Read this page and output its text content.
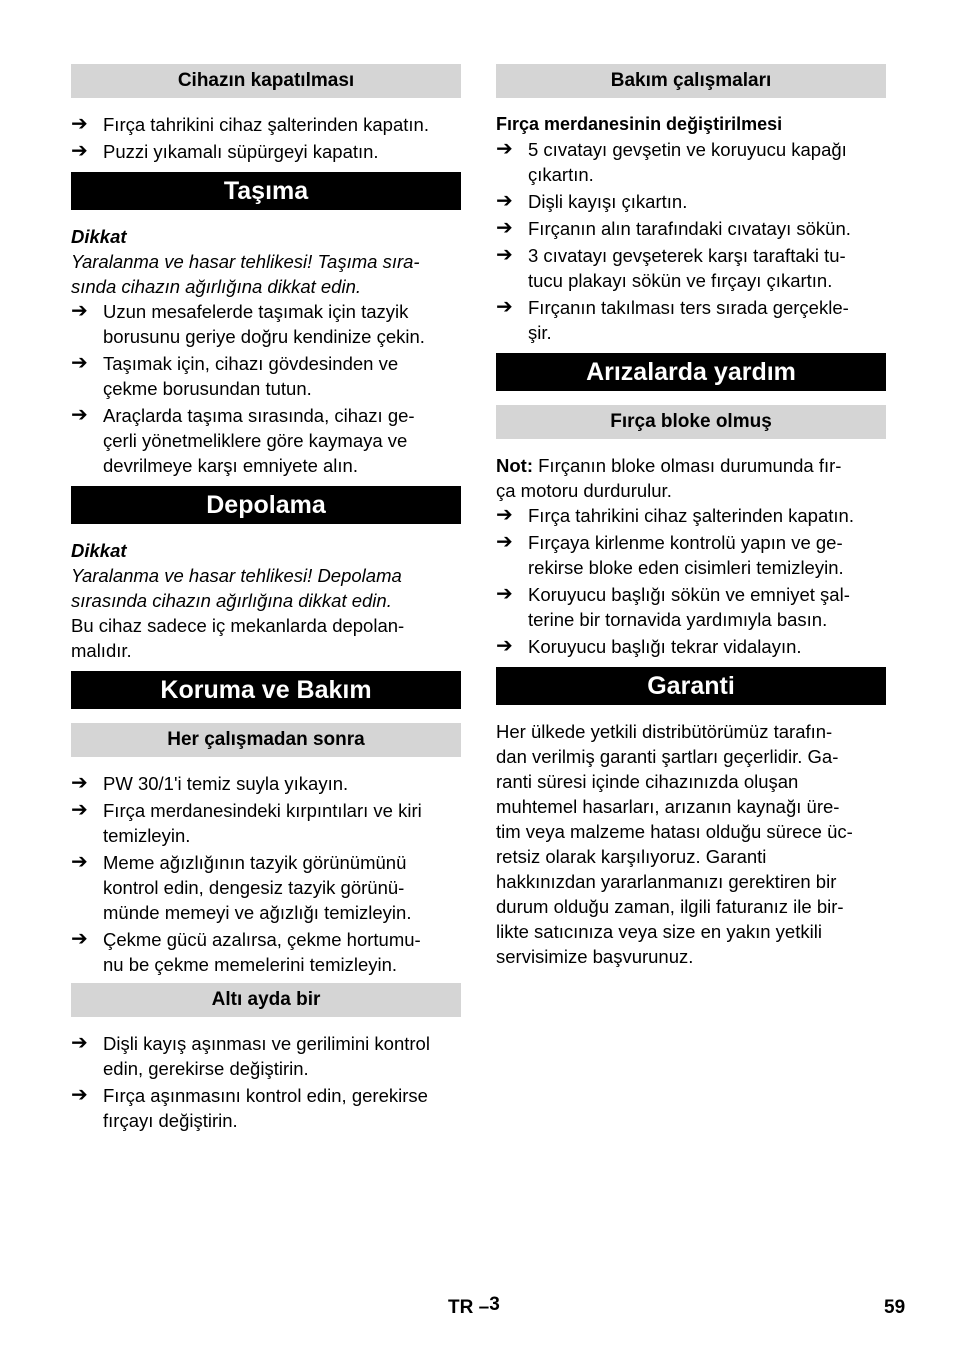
Cihazın kapatılması
➔ Fırça tahrikini cihaz şalterinden kapatın.
➔ Puzzi yıkamalı süpürgeyi kapatın.
Taşıma
Dikkat

Yaralanma ve hasar tehlikesi! Taşıma sıra-
sında cihazın ağırlığına dikkat edin.

➔ Uzun mesafelerde taşımak için tazyik
borusunu geriye doğru kendinize çekin.
➔ Taşımak için, cihazı gövdesinden ve
çekme borusundan tutun.
➔ Araçlarda taşıma sırasında, cihazı ge-
çerli yönetmeliklere göre kaymaya ve
devrilmeye karşı emniyete alın.
Depolama
Dikkat

Yaralanma ve hasar tehlikesi! Depolama
sırasında cihazın ağırlığına dikkat edin.

Bu cihaz sadece iç mekanlarda depolan-
malıdır.

Koruma ve Bakım
Her çalışmadan sonra
➔ PW 30/1'i temiz suyla yıkayın.
➔ Fırça merdanesindeki kırpıntıları ve kiri
temizleyin.
➔ Meme ağızlığının tazyik görünümünü
kontrol edin, dengesiz tazyik görünü-
münde memeyi ve ağızlığı temizleyin.
➔ Çekme gücü azalırsa, çekme hortumu-
nu be çekme memelerini temizleyin.
Altı ayda bir
➔ Dişli kayış aşınması ve gerilimini kontrol
edin, gerekirse değiştirin.
➔ Fırça aşınmasını kontrol edin, gerekirse
fırçayı değiştirin.
Bakım çalışmaları
Fırça merdanesinin değiştirilmesi
➔ 5 cıvatayı gevşetin ve koruyucu kapağı
çıkartın.
➔ Dişli kayışı çıkartın.
➔ Fırçanın alın tarafındaki cıvatayı sökün.
➔ 3 cıvatayı gevşeterek karşı taraftaki tu-
tucu plakayı sökün ve fırçayı çıkartın.
➔ Fırçanın takılması ters sırada gerçekle-
şir.
Arızalarda yardım
Fırça bloke olmuş

Not: Fırçanın bloke olması durumunda fır-
ça motoru durdurulur.

➔ Fırça tahrikini cihaz şalterinden kapatın.
➔ Fırçaya kirlenme kontrolü yapın ve ge-
rekirse bloke eden cisimleri temizleyin.
➔ Koruyucu başlığı sökün ve emniyet şal-
terine bir tornavida yardımıyla basın.
➔ Koruyucu başlığı tekrar vidalayın.
Garanti

Her ülkede yetkili distribütörümüz tarafın-
dan verilmiş garanti şartları geçerlidir. Ga-
ranti süresi içinde cihazınızda oluşan
muhtemel hasarları, arızanın kaynağı üre-
tim veya malzeme hatası olduğu sürece üc-
retsiz olarak karşılıyoruz. Garanti
hakkınızdan yararlanmanızı gerektiren bir
durum olduğu zaman, ilgili faturanız ile bir-
likte satıcınıza veya size en yakın yetkili
servisimize başvurunuz.

TR –3	59
